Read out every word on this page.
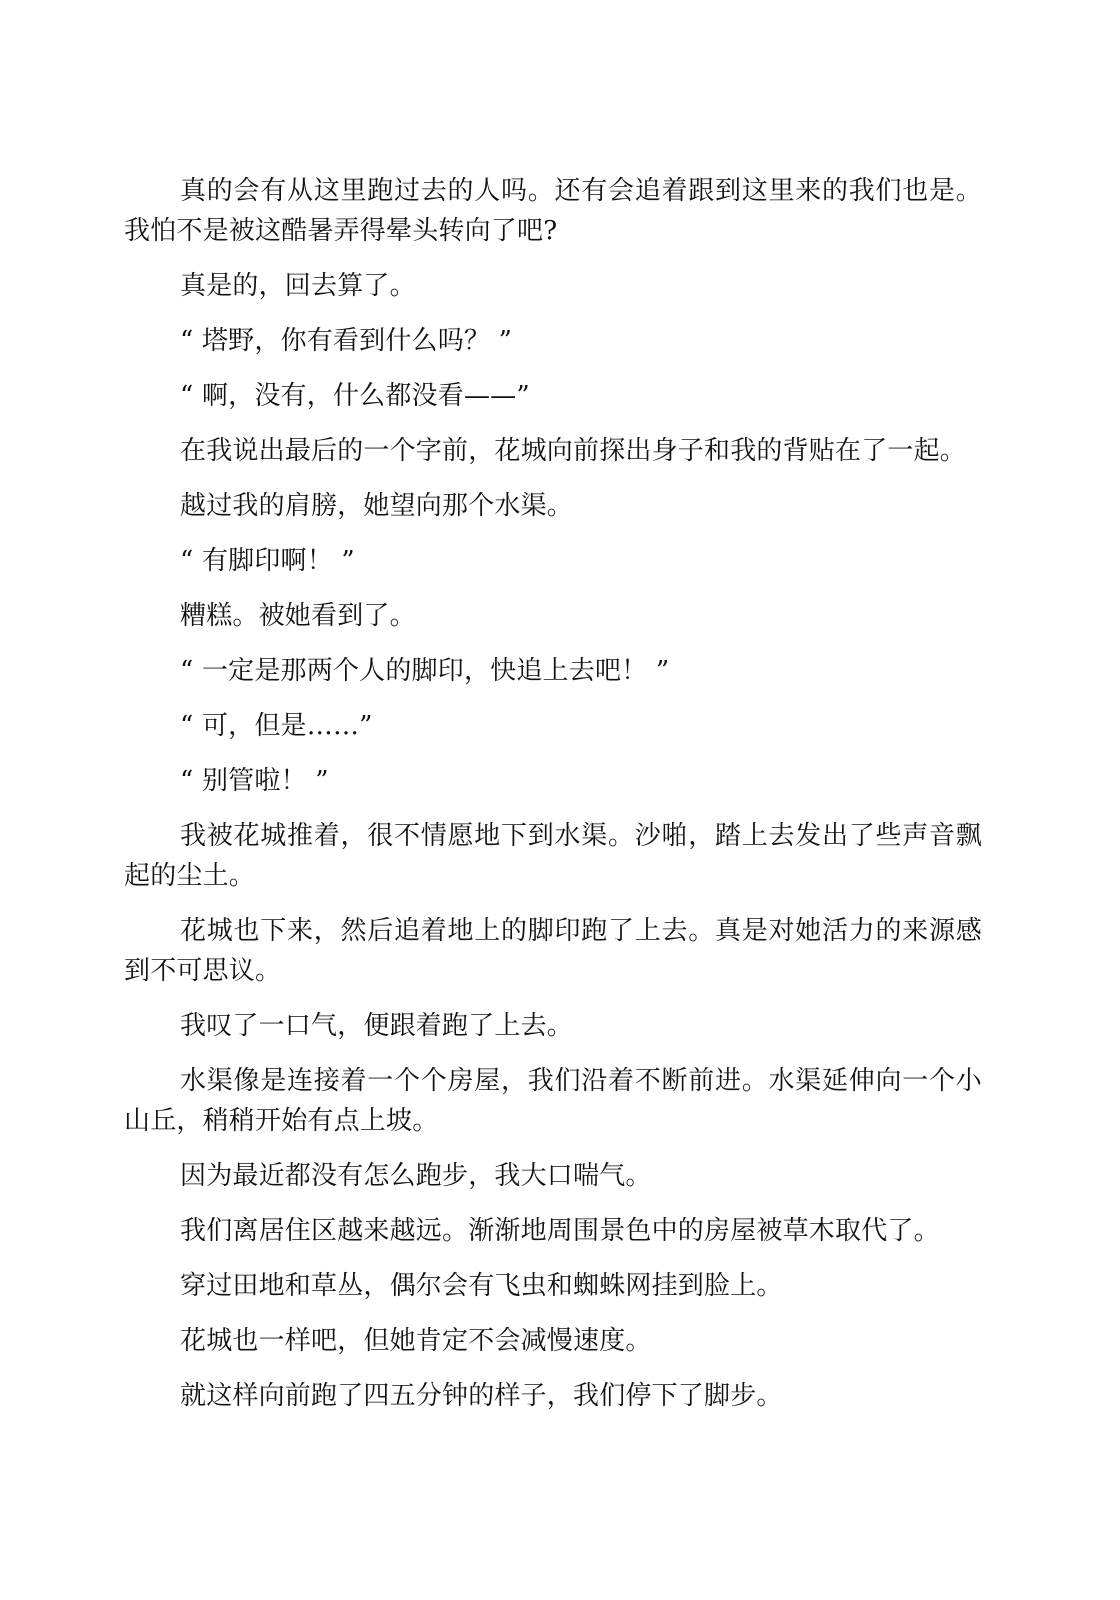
真的会有从这里跑过去的人吗。还有会追着跟到这里来的我们也是。我怕不是被这酷暑弄得晕头转向了吧?

真是的，回去算了。

“ 塔野，你有看到什么吗？ ”

“ 啊，没有，什么都没看——”

在我说出最后的一个字前，花城向前探出身子和我的背贴在了一起。

越过我的肩膀，她望向那个水渠。

“ 有脚印啊！ ”

糟糕。被她看到了。

“ 一定是那两个人的脚印，快追上去吧！ ”

“ 可，但是……”

“ 别管啦！ ”

我被花城推着，很不情愿地下到水渠。沙啪，踏上去发出了些声音飘起的尘土。

花城也下来，然后追着地上的脚印跑了上去。真是对她活力的来源感到不可思议。

我叹了一口气，便跟着跑了上去。

水渠像是连接着一个个房屋，我们沿着不断前进。水渠延伸向一个小山丘，稍稍开始有点上坡。

因为最近都没有怎么跑步，我大口喘气。

我们离居住区越来越远。渐渐地周围景色中的房屋被草木取代了。

穿过田地和草丛，偶尔会有飞虫和蜘蛛网挂到脸上。

花城也一样吧，但她肯定不会减慢速度。

就这样向前跑了四五分钟的样子，我们停下了脚步。
